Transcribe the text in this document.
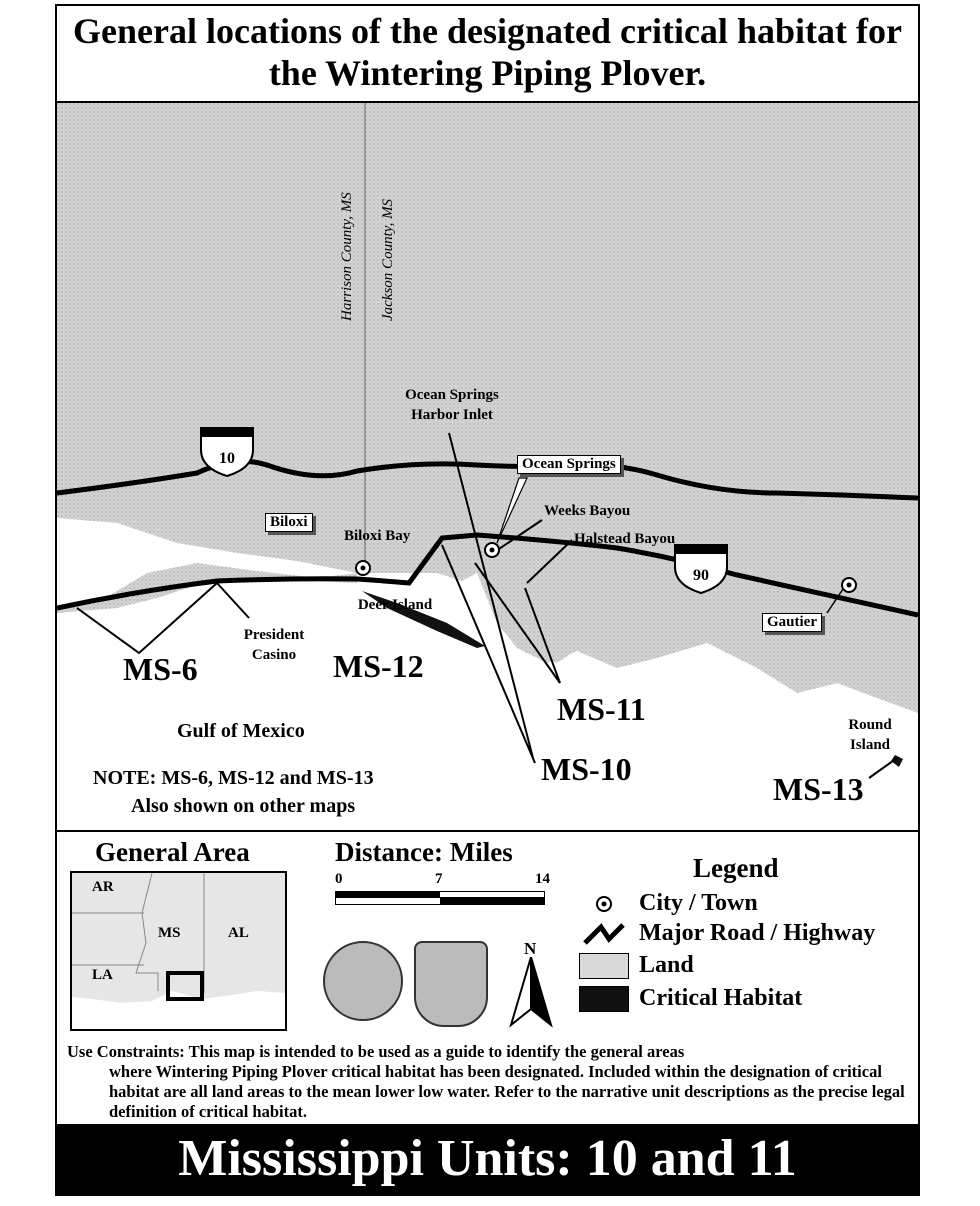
General locations of the designated critical habitat for the Wintering Piping Plover.
10
90
Harrison County, MS Jackson County, MS
Ocean Springs Harbor Inlet
Ocean Springs
Weeks Bayou
Halstead Bayou
Biloxi
Biloxi Bay
Deer Island
President Casino
Gautier
Round Island
Gulf of Mexico
MS-6	MS-12
MS-11
MS-10
MS-13
NOTE: MS-6, MS-12 and MS-13
Also shown on other maps
General Area
AR
MS	AL
LA
Distance: Miles
0	7	14
N
Legend
City / Town
Major Road / Highway
Land
Critical Habitat
Use Constraints: This map is intended to be used as a guide to identify the general areas
where Wintering Piping Plover critical habitat has been designated. Included within the designation of critical habitat are all land areas to the mean lower low water. Refer to the narrative unit descriptions as the precise legal definition of critical habitat.
Mississippi Units: 10 and 11
